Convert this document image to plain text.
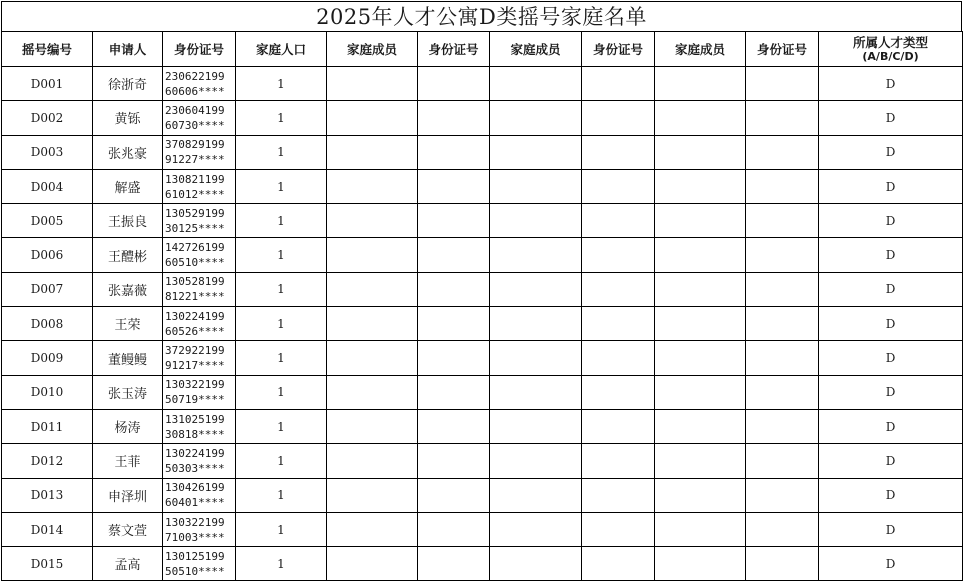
2025年人才公寓D类摇号家庭名单
摇号编号	申请人	身份证号	家庭人口	家庭成员	身份证号	家庭成员	身份证号	家庭成员	身份证号	所属人才类型
(A/B/C/D)

D001	徐浙奇	230622199
60606****	1							D
D002	黄铄	230604199
60730****	1							D
D003	张兆豪	370829199
91227****	1							D
D004	解盛	130821199
61012****	1							D
D005	王振良	130529199
30125****	1							D
D006	王醴彬	142726199
60510****	1							D
D007	张嘉薇	130528199
81221****	1							D
D008	王荣	130224199
60526****	1							D
D009	董鳗鳗	372922199
91217****	1							D
D010	张玉涛	130322199
50719****	1							D
D011	杨涛	131025199
30818****	1							D
D012	王菲	130224199
50303****	1							D
D013	申泽圳	130426199
60401****	1							D
D014	蔡文萱	130322199
71003****	1							D
D015	孟高	130125199
50510****	1							D
